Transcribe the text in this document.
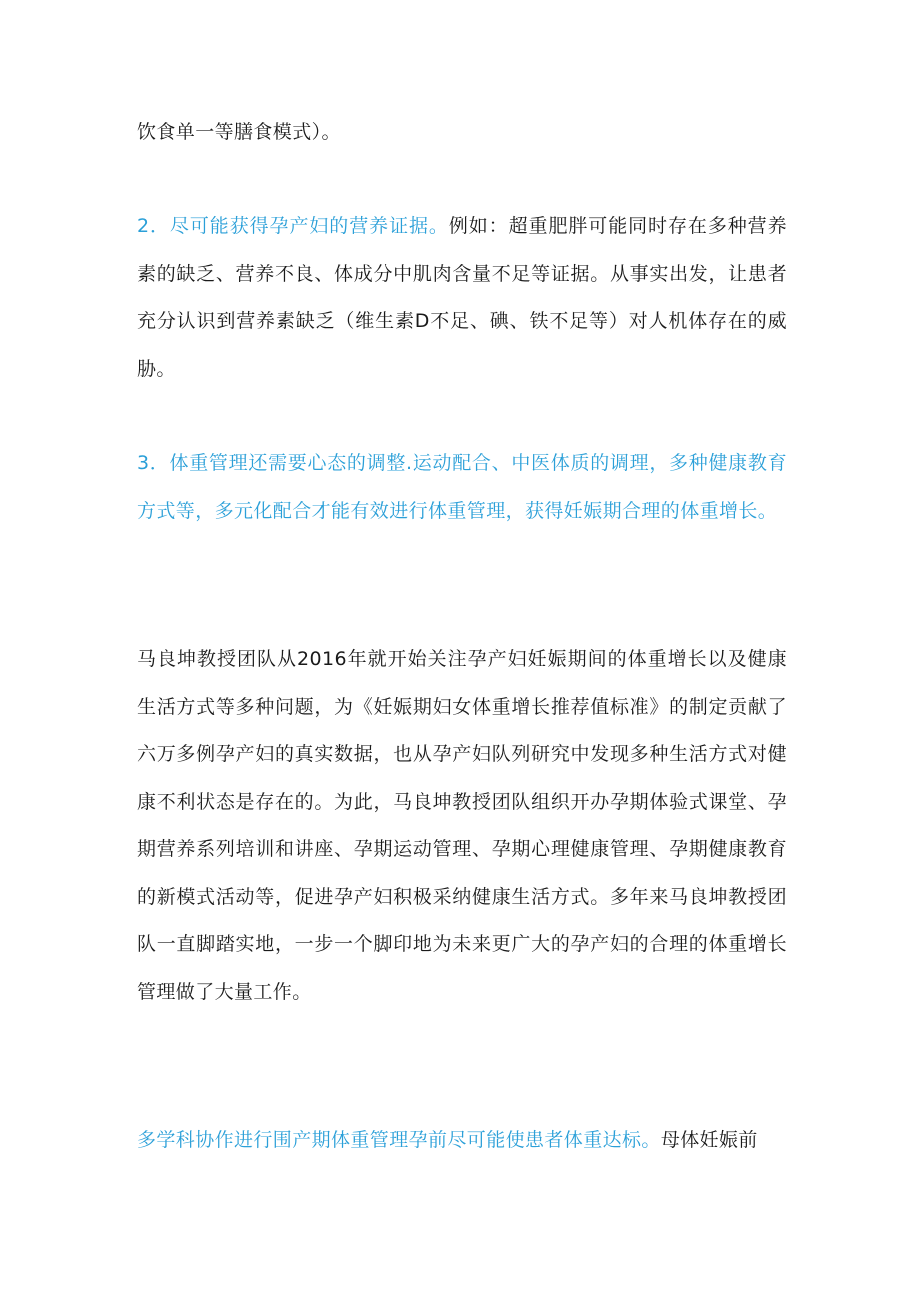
饮食单一等膳食模式）。

2．尽可能获得孕产妇的营养证据。例如：超重肥胖可能同时存在多种营养素的缺乏、营养不良、体成分中肌肉含量不足等证据。从事实出发，让患者充分认识到营养素缺乏（维生素D不足、碘、铁不足等）对人机体存在的威胁。

3．体重管理还需要心态的调整.运动配合、中医体质的调理，多种健康教育方式等，多元化配合才能有效进行体重管理，获得妊娠期合理的体重增长。

马良坤教授团队从2016年就开始关注孕产妇妊娠期间的体重增长以及健康生活方式等多种问题，为《妊娠期妇女体重增长推荐值标准》的制定贡献了六万多例孕产妇的真实数据，也从孕产妇队列研究中发现多种生活方式对健康不利状态是存在的。为此，马良坤教授团队组织开办孕期体验式课堂、孕期营养系列培训和讲座、孕期运动管理、孕期心理健康管理、孕期健康教育的新模式活动等，促进孕产妇积极采纳健康生活方式。多年来马良坤教授团队一直脚踏实地，一步一个脚印地为未来更广大的孕产妇的合理的体重增长管理做了大量工作。

多学科协作进行围产期体重管理孕前尽可能使患者体重达标。母体妊娠前
